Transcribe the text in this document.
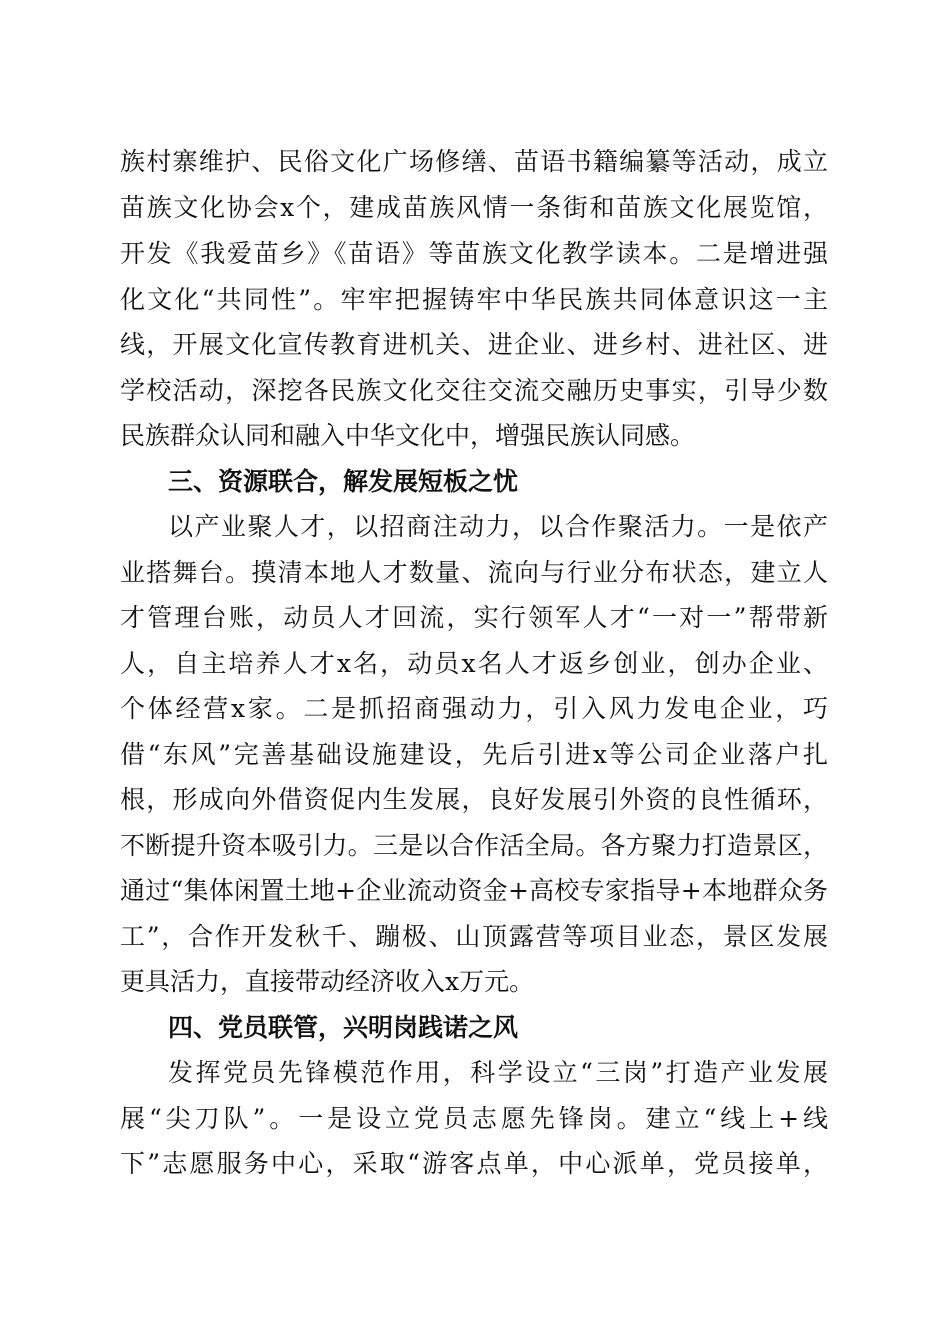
族村寨维护、民俗文化广场修缮、苗语书籍编纂等活动，成立
苗族文化协会x个，建成苗族风情一条街和苗族文化展览馆，
开发《我爱苗乡》《苗语》等苗族文化教学读本。二是增进强
化文化“共同性”。牢牢把握铸牢中华民族共同体意识这一主
线，开展文化宣传教育进机关、进企业、进乡村、进社区、进
学校活动，深挖各民族文化交往交流交融历史事实，引导少数
民族群众认同和融入中华文化中，增强民族认同感。
三、资源联合，解发展短板之忧
以产业聚人才，以招商注动力，以合作聚活力。一是依产
业搭舞台。摸清本地人才数量、流向与行业分布状态，建立人
才管理台账，动员人才回流，实行领军人才“一对一”帮带新
人，自主培养人才x名，动员x名人才返乡创业，创办企业、
个体经营x家。二是抓招商强动力，引入风力发电企业，巧
借“东风”完善基础设施建设，先后引进x等公司企业落户扎
根，形成向外借资促内生发展，良好发展引外资的良性循环，
不断提升资本吸引力。三是以合作活全局。各方聚力打造景区，
通过“集体闲置土地+企业流动资金+高校专家指导+本地群众务
工”，合作开发秋千、蹦极、山顶露营等项目业态，景区发展
更具活力，直接带动经济收入x万元。
四、党员联管，兴明岗践诺之风
发挥党员先锋模范作用，科学设立“三岗”打造产业发展
展“尖刀队”。一是设立党员志愿先锋岗。建立“线上+线
下”志愿服务中心，采取“游客点单，中心派单，党员接单，
